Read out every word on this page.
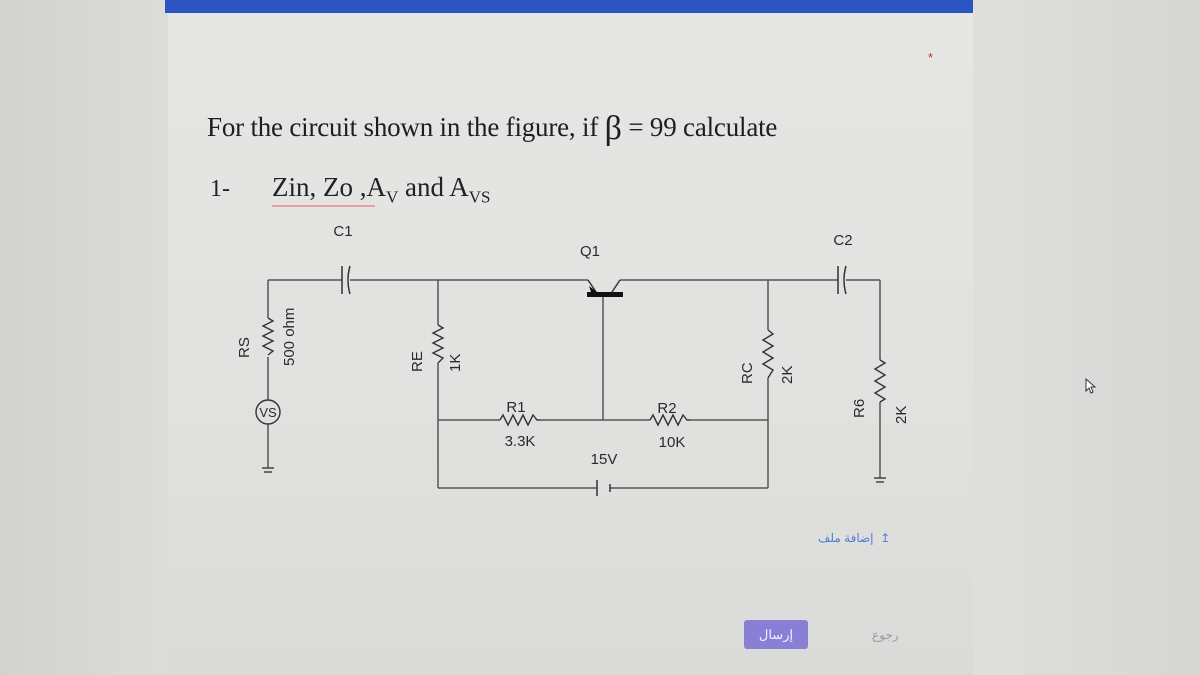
*
For the circuit shown in the figure, if β = 99 calculate
1- Zin, Zo $,A_V$ and $A_{VS}$
VS
C1
C2
Q1
R1
3.3K
R2
10K
15V
RS 500 ohm	RE 1K	RC 2K
R6 2K
↥  إضافة ملف
إرسال	رجوع
